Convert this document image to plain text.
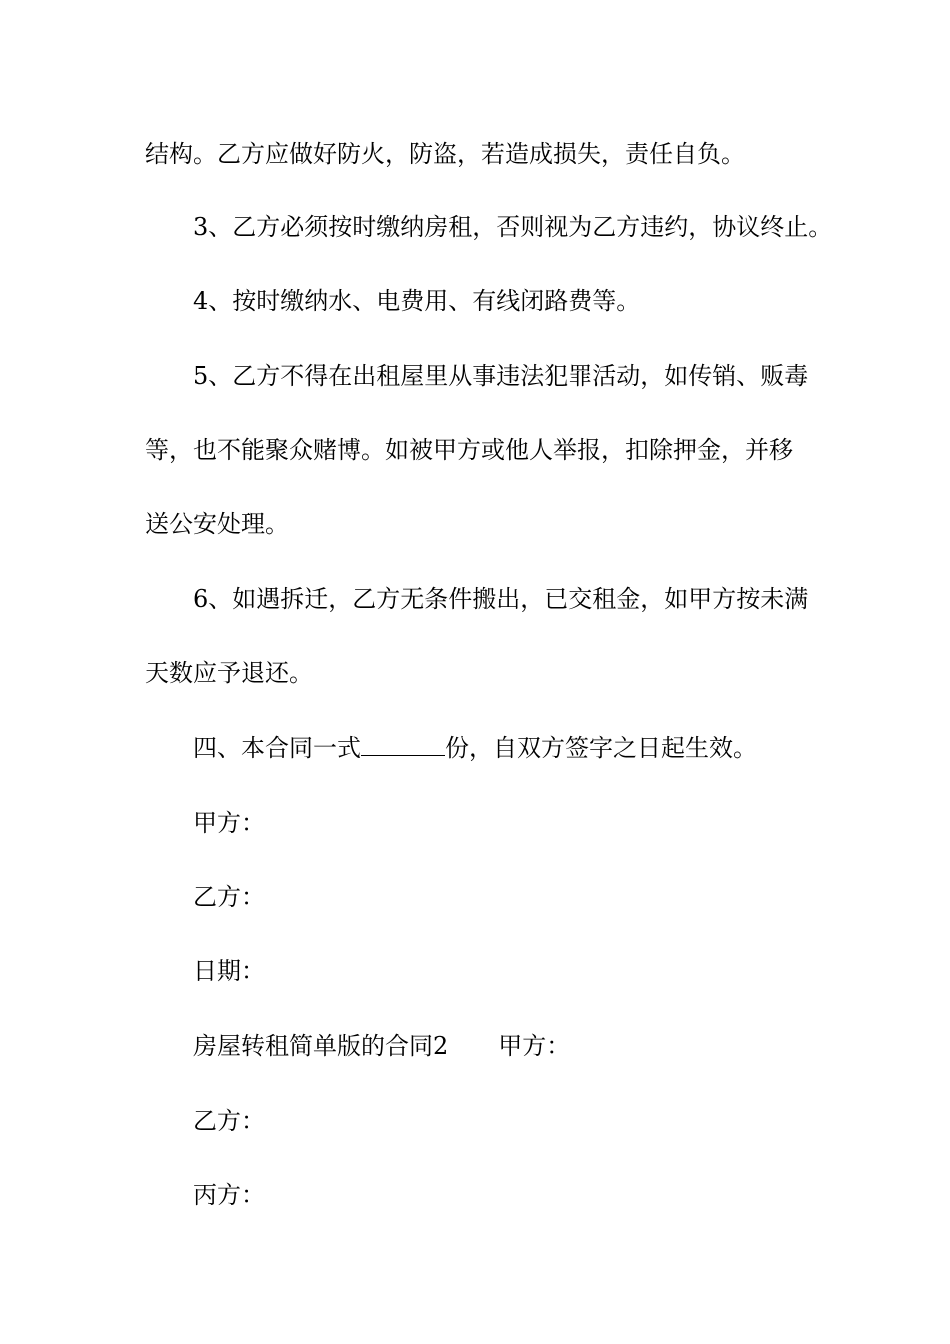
结构。乙方应做好防火，防盗，若造成损失，责任自负。
3、乙方必须按时缴纳房租，否则视为乙方违约，协议终止。
4、按时缴纳水、电费用、有线闭路费等。
5、乙方不得在出租屋里从事违法犯罪活动，如传销、贩毒
等，也不能聚众赌博。如被甲方或他人举报，扣除押金，并移
送公安处理。
6、如遇拆迁，乙方无条件搬出，已交租金，如甲方按未满
天数应予退还。
四、本合同一式	份，自双方签字之日起生效。
甲方：
乙方：
日期：
房屋转租简单版的合同2 甲方：
乙方：
丙方：
